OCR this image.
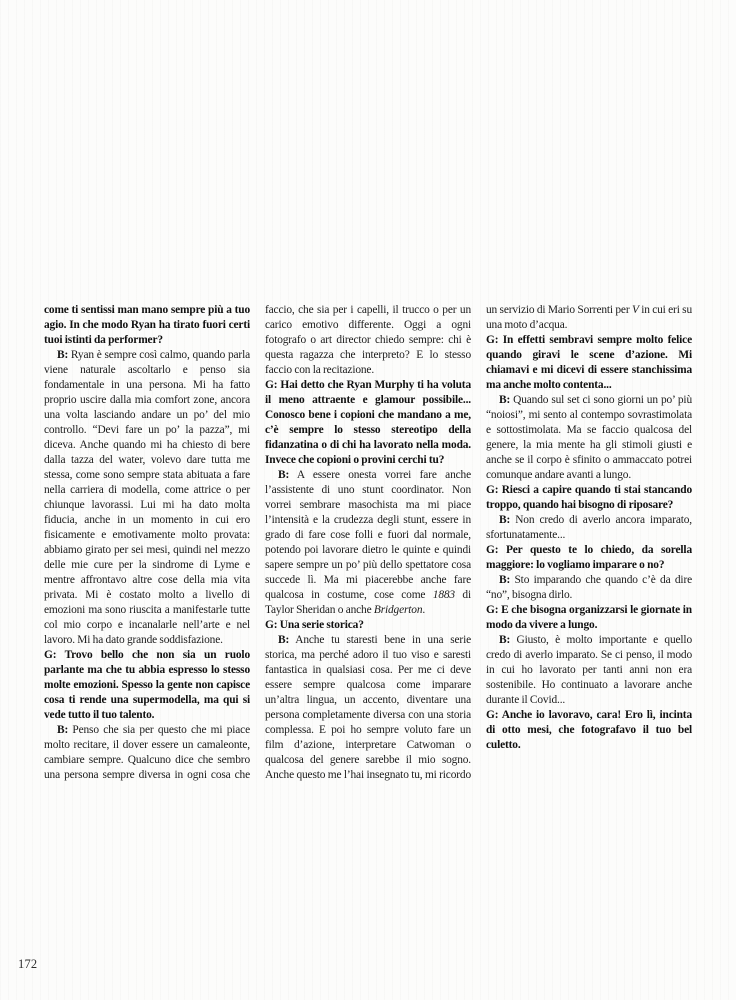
come ti sentissi man mano sempre più a tuo agio. In che modo Ryan ha tirato fuori certi tuoi istinti da performer?

B: Ryan è sempre così calmo, quando parla viene naturale ascoltarlo e penso sia fondamentale in una persona. Mi ha fatto proprio uscire dalla mia comfort zone, ancora una volta lasciando andare un po’ del mio controllo. “Devi fare un po’ la pazza”, mi diceva. Anche quando mi ha chiesto di bere dalla tazza del water, volevo dare tutta me stessa, come sono sempre stata abituata a fare nella carriera di modella, come attrice o per chiunque lavorassi. Lui mi ha dato molta fiducia, anche in un momento in cui ero fisicamente e emotivamente molto provata: abbiamo girato per sei mesi, quindi nel mezzo delle mie cure per la sindrome di Lyme e mentre affrontavo altre cose della mia vita privata. Mi è costato molto a livello di emozioni ma sono riuscita a manifestarle tutte col mio corpo e incanalarle nell’arte e nel lavoro. Mi ha dato grande soddisfazione.

G: Trovo bello che non sia un ruolo parlante ma che tu abbia espresso lo stesso molte emozioni. Spesso la gente non capisce cosa ti rende una supermodella, ma qui si vede tutto il tuo talento.

B: Penso che sia per questo che mi piace molto recitare, il dover essere un camaleonte, cambiare sempre. Qualcuno dice che sembro una persona sempre diversa in ogni cosa che faccio, che sia per i capelli, il trucco o per un carico emotivo differente. Oggi a ogni fotografo o art director chiedo sempre: chi è questa ragazza che interpreto? E lo stesso faccio con la recitazione.

G: Hai detto che Ryan Murphy ti ha voluta il meno attraente e glamour possibile... Conosco bene i copioni che mandano a me, c’è sempre lo stesso stereotipo della fidanzatina o di chi ha lavorato nella moda. Invece che copioni o provini cerchi tu?

B: A essere onesta vorrei fare anche l’assistente di uno stunt coordinator. Non vorrei sembrare masochista ma mi piace l’intensità e la crudezza degli stunt, essere in grado di fare cose folli e fuori dal normale, potendo poi lavorare dietro le quinte e quindi sapere sempre un po’ più dello spettatore cosa succede lì. Ma mi piacerebbe anche fare qualcosa in costume, cose come 1883 di Taylor Sheridan o anche Bridgerton.

G: Una serie storica?

B: Anche tu staresti bene in una serie storica, ma perché adoro il tuo viso e saresti fantastica in qualsiasi cosa. Per me ci deve essere sempre qualcosa come imparare un’altra lingua, un accento, diventare una persona completamente diversa con una storia complessa. E poi ho sempre voluto fare un film d’azione, interpretare Catwoman o qualcosa del genere sarebbe il mio sogno. Anche questo me l’hai insegnato tu, mi ricordo un servizio di Mario Sorrenti per V in cui eri su una moto d’acqua.

G: In effetti sembravi sempre molto felice quando giravi le scene d’azione. Mi chiamavi e mi dicevi di essere stanchissima ma anche molto contenta...

B: Quando sul set ci sono giorni un po’ più “noiosi”, mi sento al contempo sovrastimolata e sottostimolata. Ma se faccio qualcosa del genere, la mia mente ha gli stimoli giusti e anche se il corpo è sfinito o ammaccato potrei comunque andare avanti a lungo.

G: Riesci a capire quando ti stai stancando troppo, quando hai bisogno di riposare?

B: Non credo di averlo ancora imparato, sfortunatamente...

G: Per questo te lo chiedo, da sorella maggiore: lo vogliamo imparare o no?

B: Sto imparando che quando c’è da dire “no”, bisogna dirlo.

G: E che bisogna organizzarsi le giornate in modo da vivere a lungo.

B: Giusto, è molto importante e quello credo di averlo imparato. Se ci penso, il modo in cui ho lavorato per tanti anni non era sostenibile. Ho continuato a lavorare anche durante il Covid...

G: Anche io lavoravo, cara! Ero lì, incinta di otto mesi, che fotografavo il tuo bel culetto.

172
